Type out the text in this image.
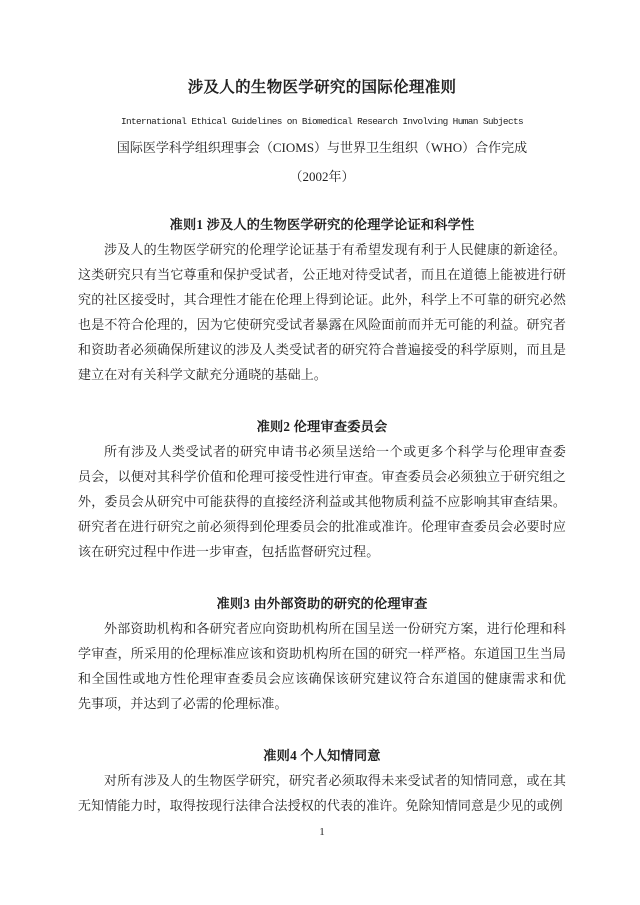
涉及人的生物医学研究的国际伦理准则
International Ethical Guidelines on Biomedical Research Involving Human Subjects
国际医学科学组织理事会（CIOMS）与世界卫生组织（WHO）合作完成
（2002年）
准则1 涉及人的生物医学研究的伦理学论证和科学性
涉及人的生物医学研究的伦理学论证基于有希望发现有利于人民健康的新途径。
这类研究只有当它尊重和保护受试者，公正地对待受试者，而且在道德上能被进行研
究的社区接受时，其合理性才能在伦理上得到论证。此外，科学上不可靠的研究必然
也是不符合伦理的，因为它使研究受试者暴露在风险面前而并无可能的利益。研究者
和资助者必须确保所建议的涉及人类受试者的研究符合普遍接受的科学原则，而且是
建立在对有关科学文献充分通晓的基础上。
准则2 伦理审查委员会
所有涉及人类受试者的研究申请书必须呈送给一个或更多个科学与伦理审查委
员会，以便对其科学价值和伦理可接受性进行审查。审查委员会必须独立于研究组之
外，委员会从研究中可能获得的直接经济利益或其他物质利益不应影响其审查结果。
研究者在进行研究之前必须得到伦理委员会的批准或准许。伦理审查委员会必要时应
该在研究过程中作进一步审查，包括监督研究过程。
准则3 由外部资助的研究的伦理审查
外部资助机构和各研究者应向资助机构所在国呈送一份研究方案，进行伦理和科
学审查，所采用的伦理标准应该和资助机构所在国的研究一样严格。东道国卫生当局
和全国性或地方性伦理审查委员会应该确保该研究建议符合东道国的健康需求和优
先事项，并达到了必需的伦理标准。
准则4 个人知情同意
对所有涉及人的生物医学研究，研究者必须取得未来受试者的知情同意，或在其
无知情能力时，取得按现行法律合法授权的代表的准许。免除知情同意是少见的或例
1
